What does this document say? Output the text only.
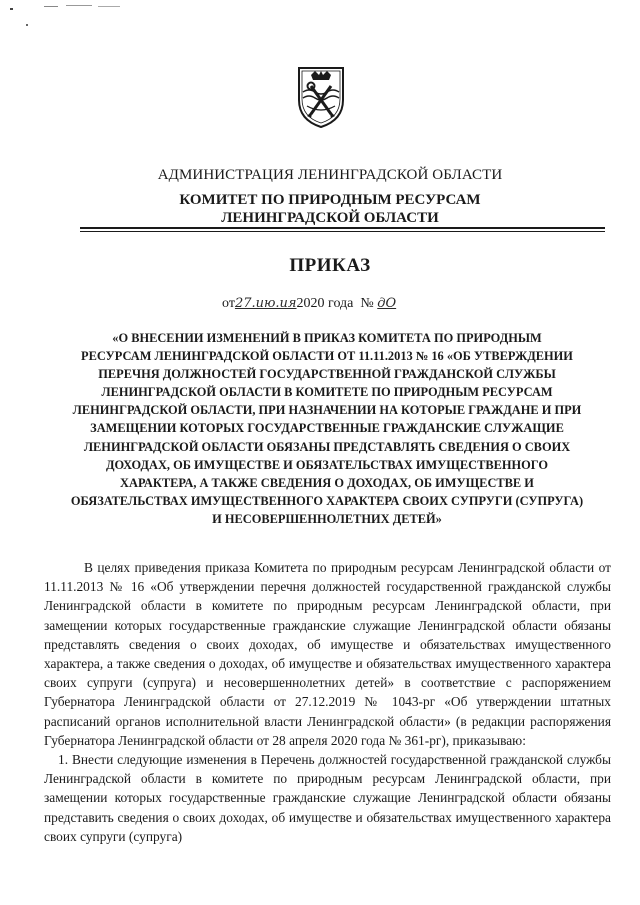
АДМИНИСТРАЦИЯ ЛЕНИНГРАДСКОЙ ОБЛАСТИ
КОМИТЕТ ПО ПРИРОДНЫМ РЕСУРСАМ
ЛЕНИНГРАДСКОЙ ОБЛАСТИ
ПРИКАЗ
от27.ию.ия2020 года № дО
«О ВНЕСЕНИИ ИЗМЕНЕНИЙ В ПРИКАЗ КОМИТЕТА ПО ПРИРОДНЫМ
РЕСУРСАМ ЛЕНИНГРАДСКОЙ ОБЛАСТИ ОТ 11.11.2013 № 16 «ОБ УТВЕРЖДЕНИИ
ПЕРЕЧНЯ ДОЛЖНОСТЕЙ ГОСУДАРСТВЕННОЙ ГРАЖДАНСКОЙ СЛУЖБЫ
ЛЕНИНГРАДСКОЙ ОБЛАСТИ В КОМИТЕТЕ ПО ПРИРОДНЫМ РЕСУРСАМ
ЛЕНИНГРАДСКОЙ ОБЛАСТИ, ПРИ НАЗНАЧЕНИИ НА КОТОРЫЕ ГРАЖДАНЕ И ПРИ
ЗАМЕЩЕНИИ КОТОРЫХ ГОСУДАРСТВЕННЫЕ ГРАЖДАНСКИЕ СЛУЖАЩИЕ
ЛЕНИНГРАДСКОЙ ОБЛАСТИ ОБЯЗАНЫ ПРЕДСТАВЛЯТЬ СВЕДЕНИЯ О СВОИХ
ДОХОДАХ, ОБ ИМУЩЕСТВЕ И ОБЯЗАТЕЛЬСТВАХ ИМУЩЕСТВЕННОГО
ХАРАКТЕРА, А ТАКЖЕ СВЕДЕНИЯ О ДОХОДАХ, ОБ ИМУЩЕСТВЕ И
ОБЯЗАТЕЛЬСТВАХ ИМУЩЕСТВЕННОГО ХАРАКТЕРА СВОИХ СУПРУГИ (СУПРУГА)
И НЕСОВЕРШЕННОЛЕТНИХ ДЕТЕЙ»

В целях приведения приказа Комитета по природным ресурсам Ленинградской области от 11.11.2013 № 16 «Об утверждении перечня должностей государственной гражданской службы Ленинградской области в комитете по природным ресурсам Ленинградской области, при замещении которых государственные гражданские служащие Ленинградской области обязаны представлять сведения о своих доходах, об имуществе и обязательствах имущественного характера, а также сведения о доходах, об имуществе и обязательствах имущественного характера своих супруги (супруга) и несовершеннолетних детей» в соответствие с распоряжением Губернатора Ленинградской области от 27.12.2019 № 1043-рг «Об утверждении штатных расписаний органов исполнительной власти Ленинградской области» (в редакции распоряжения Губернатора Ленинградской области от 28 апреля 2020 года № 361-рг), приказываю:

1. Внести следующие изменения в Перечень должностей государственной гражданской службы Ленинградской области в комитете по природным ресурсам Ленинградской области, при замещении которых государственные гражданские служащие Ленинградской области обязаны представить сведения о своих доходах, об имуществе и обязательствах имущественного характера своих супруги (супруга)
